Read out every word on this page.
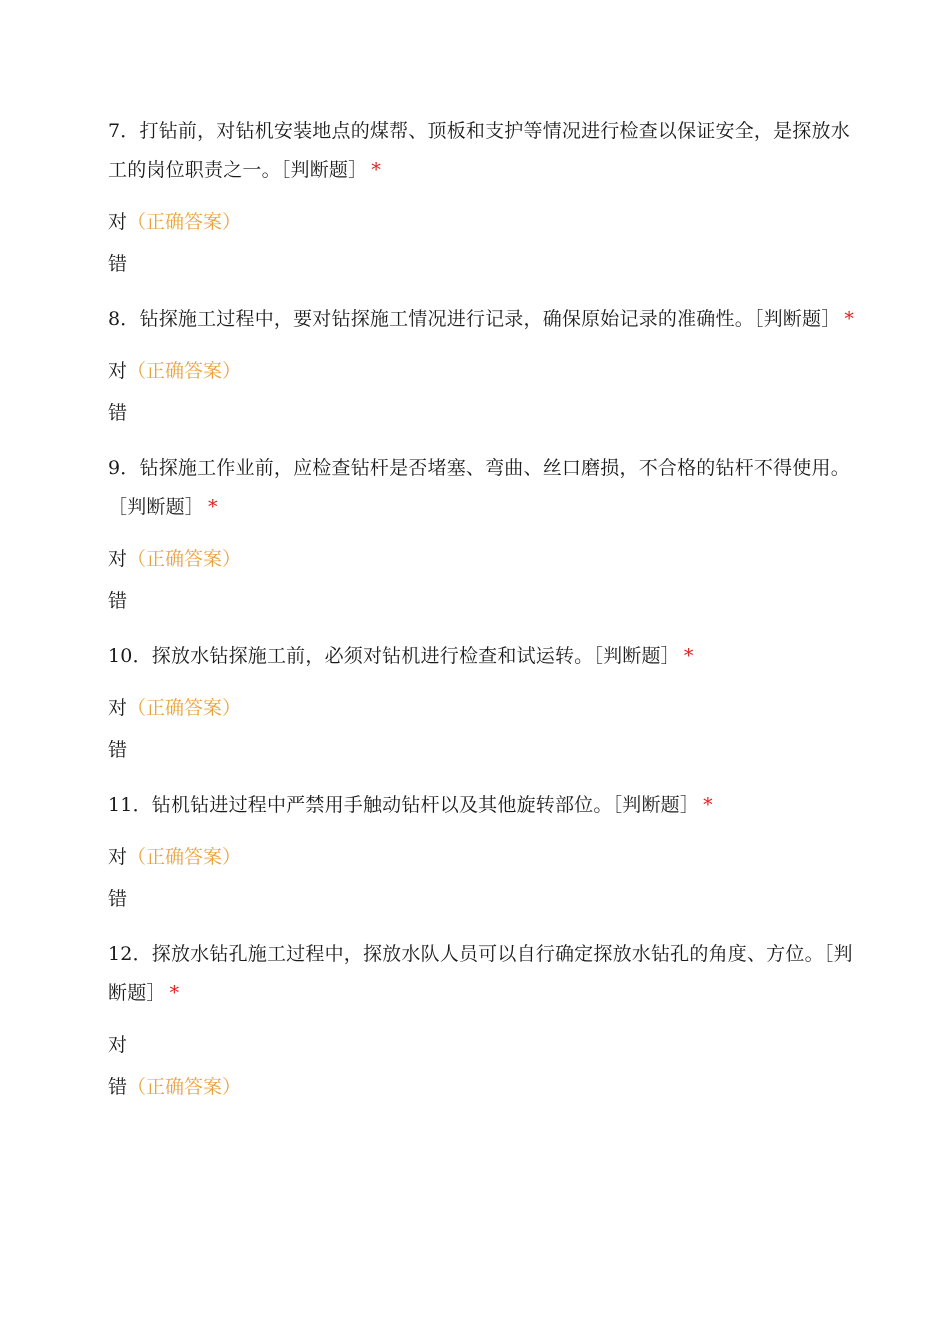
7．打钻前，对钻机安装地点的煤帮、顶板和支护等情况进行检查以保证安全，是探放水工的岗位职责之一。［判断题］ *

对（正确答案）

错

8．钻探施工过程中，要对钻探施工情况进行记录，确保原始记录的准确性。［判断题］ *

对（正确答案）

错

9．钻探施工作业前，应检查钻杆是否堵塞、弯曲、丝口磨损，不合格的钻杆不得使用。［判断题］ *

对（正确答案）

错

10．探放水钻探施工前，必须对钻机进行检查和试运转。［判断题］ *

对（正确答案）

错

11．钻机钻进过程中严禁用手触动钻杆以及其他旋转部位。［判断题］ *

对（正确答案）

错

12．探放水钻孔施工过程中，探放水队人员可以自行确定探放水钻孔的角度、方位。［判断题］ *

对

错（正确答案）
